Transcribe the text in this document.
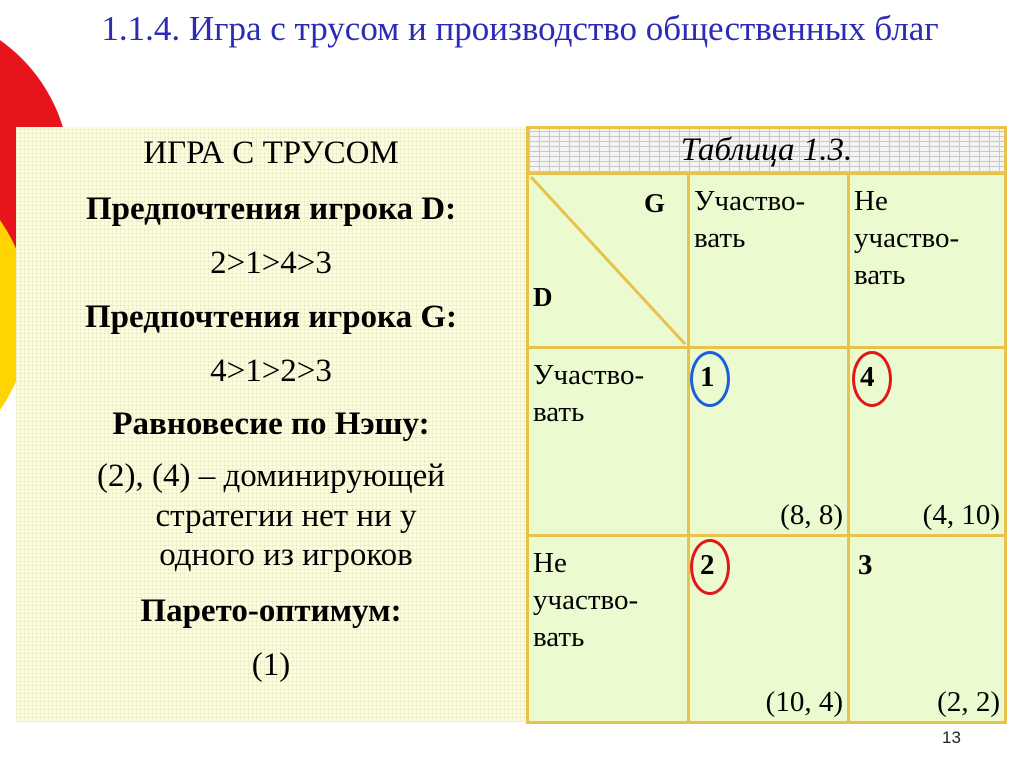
1.1.4. Игра с трусом и производство общественных благ
ИГРА С ТРУСОМ
Предпочтения игрока D:
2>1>4>3
Предпочтения игрока G:
4>1>2>3
Равновесие по Нэшу:
(2), (4) – доминирующей
стратегии нет ни у
одного из игроков
Парето-оптимум:
(1)
Таблица 1.3.
G
D
Участво-
вать
Не
участво-
вать
Участво-
вать
1
(8, 8)
4
(4, 10)
Не
участво-
вать
2
(10, 4)
3
(2, 2)
13
